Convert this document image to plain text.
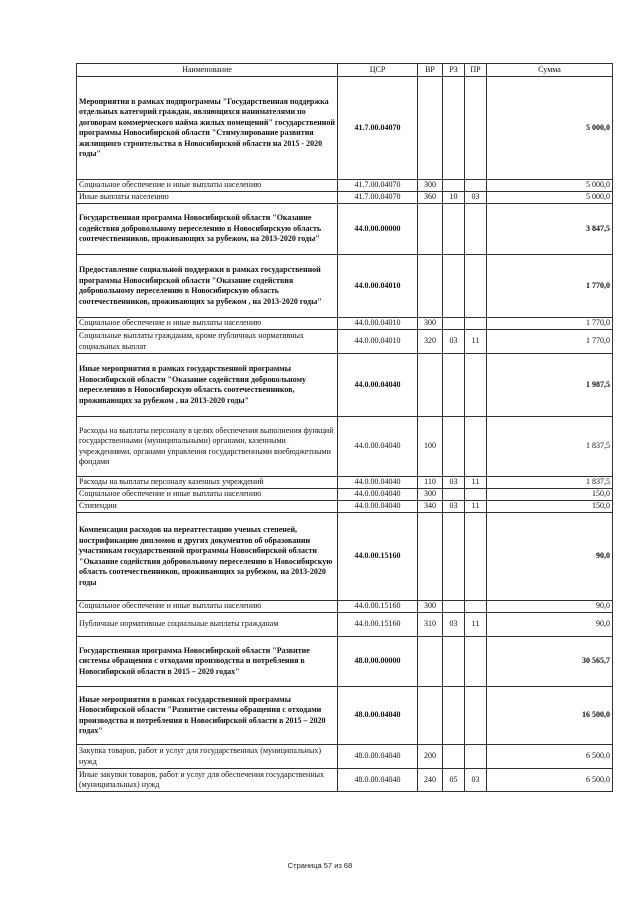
Наименование	ЦСР	ВР	РЗ	ПР	Сумма
Мероприятия в рамках подпрограммы "Государственная поддержка отдельных категорий граждан, являющихся нанимателями по договорам коммерческого найма жилых помещений" государственной программы Новосибирской области "Стимулирование развития жилищного строительства в Новосибирской области на 2015 - 2020 годы"	41.7.00.04070				5 000,0
Социальное обеспечение и иные выплаты населению	41.7.00.04070	300			5 000,0
Иные выплаты населению	41.7.00.04070	360	10	03	5 000,0
Государственная программа Новосибирской области "Оказание содействия добровольному переселению в Новосибирскую область соотечественников, проживающих за рубежом, на 2013-2020 годы"	44.0.00.00000				3 847,5
Предоставление социальной поддержки в рамках государственной программы Новосибирской области "Оказание содействия добровольному переселению в Новосибирскую область соотечественников, проживающих за рубежом , на 2013-2020 годы"	44.0.00.04010				1 770,0
Социальное обеспечение и иные выплаты населению	44.0.00.04010	300			1 770,0
Социальные выплаты гражданам, кроме публичных нормативных социальных выплат	44.0.00.04010	320	03	11	1 770,0
Иные мероприятия в рамках государственной программы Новосибирской области "Оказание содействия добровольному переселению в Новосибирскую область соотечественников, проживающих за рубежом , на 2013-2020 годы"	44.0.00.04040				1 987,5
Расходы на выплаты персоналу в целях обеспечения выполнения функций государственными (муниципальными) органами, казенными учреждениями, органами управления государственными внебюджетными фондами	44.0.00.04040	100			1 837,5
Расходы на выплаты персоналу казенных учреждений	44.0.00.04040	110	03	11	1 837,5
Социальное обеспечение и иные выплаты населению	44.0.00.04040	300			150,0
Стипендии	44.0.00.04040	340	03	11	150,0
Компенсация расходов на переаттестацию ученых степеней, нострификацию дипломов и других документов об образовании участникам государственной программы Новосибирской области "Оказание содействия добровольному переселению в Новосибирскую область соотечественников, проживающих за рубежом, на 2013-2020 годы	44.0.00.15160				90,0
Социальное обеспечение и иные выплаты населению	44.0.00.15160	300			90,0
Публичные нормативные социальные выплаты гражданам	44.0.00.15160	310	03	11	90,0
Государственная программа Новосибирской области "Развитие системы обращения с отходами производства и потребления в Новосибирской области в 2015 – 2020 годах"	48.0.00.00000				30 565,7
Иные мероприятия в рамках государственной программы Новосибирской области "Развитие системы обращения с отходами производства и потребления в Новосибирской области в 2015 – 2020 годах"	48.0.00.04040				16 500,0
Закупка товаров, работ и услуг для государственных (муниципальных) нужд	48.0.00.04040	200			6 500,0
Иные закупки товаров, работ и услуг для обеспечения государственных (муниципальных) нужд	48.0.00.04040	240	05	03	6 500,0
Страница 57 из 68
